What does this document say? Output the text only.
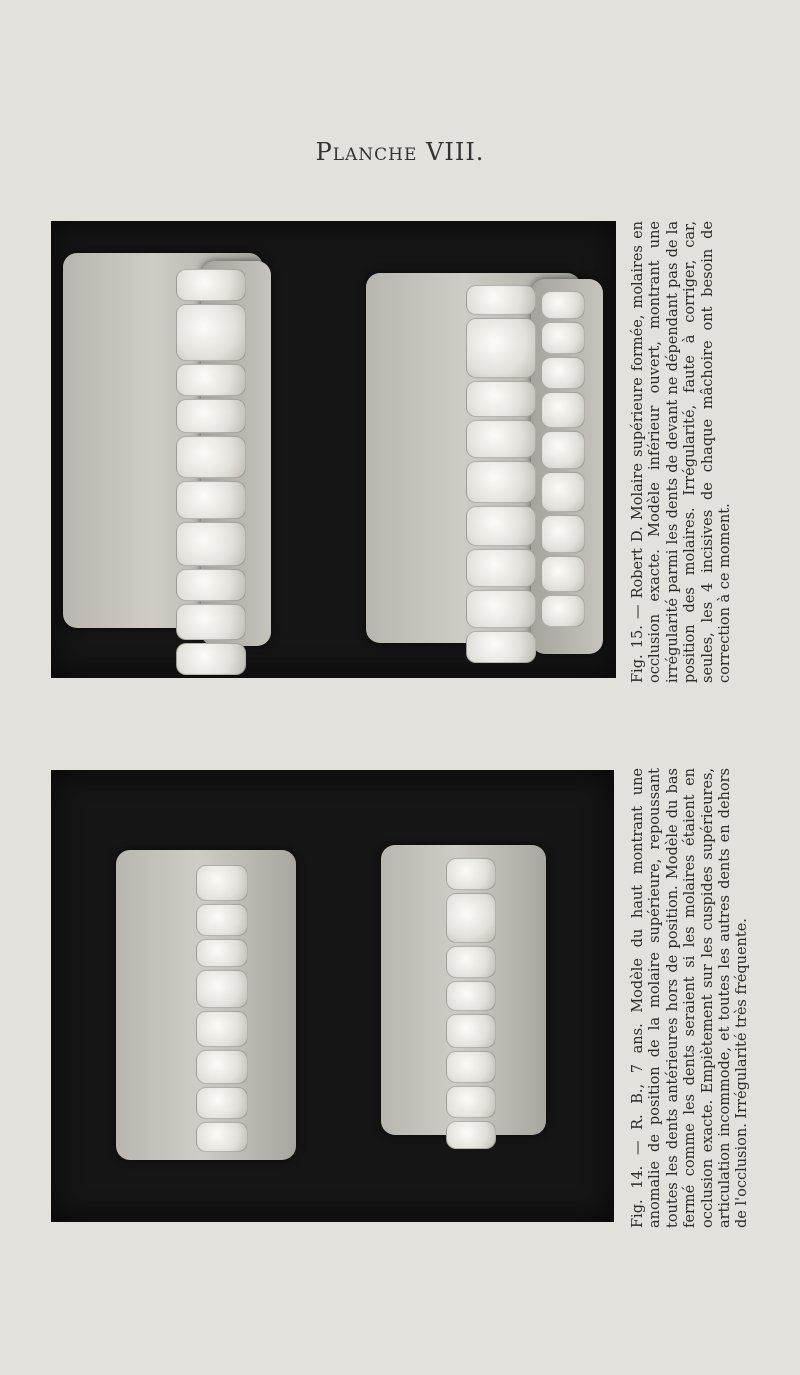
Planche VIII.

Fig. 15. — Robert D. Molaire supérieure formée, molaires en occlusion exacte. Modèle inférieur ouvert, montrant une irrégularité parmi les dents de devant ne dépendant pas de la position des molaires. Irrégularité, faute à corriger, car, seules, les 4 incisives de chaque mâchoire ont besoin de correction à ce moment.

Fig. 14. — R. B., 7 ans. Modèle du haut montrant une anomalie de position de la molaire supérieure, repoussant toutes les dents antérieures hors de position. Modèle du bas fermé comme les dents seraient si les molaires étaient en occlusion exacte. Empiètement sur les cuspides supérieures, articulation incommode, et toutes les autres dents en dehors de l'occlusion. Irrégularité très fréquente.
